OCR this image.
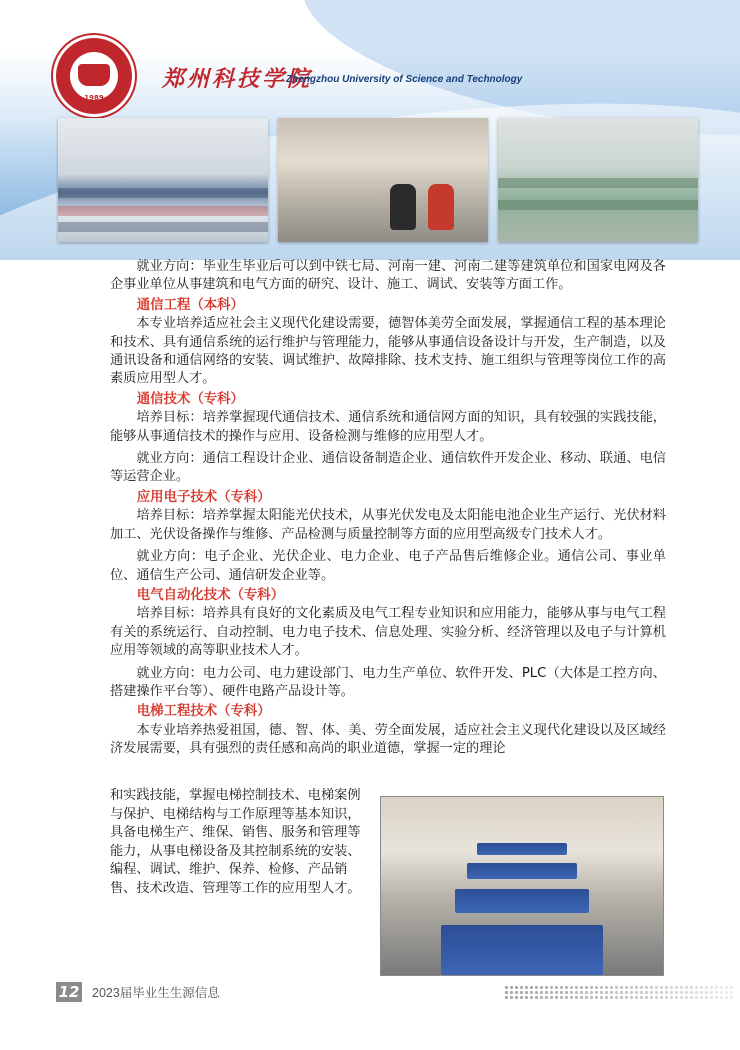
1989
郑州科技学院
Zhengzhou University of Science and Technology

就业方向：毕业生毕业后可以到中铁七局、河南一建、河南二建等建筑单位和国家电网及各企事业单位从事建筑和电气方面的研究、设计、施工、调试、安装等方面工作。

通信工程（本科）

本专业培养适应社会主义现代化建设需要，德智体美劳全面发展，掌握通信工程的基本理论和技术、具有通信系统的运行维护与管理能力，能够从事通信设备设计与开发，生产制造，以及通讯设备和通信网络的安装、调试维护、故障排除、技术支持、施工组织与管理等岗位工作的高素质应用型人才。

通信技术（专科）

培养目标：培养掌握现代通信技术、通信系统和通信网方面的知识，具有较强的实践技能，能够从事通信技术的操作与应用、设备检测与维修的应用型人才。

就业方向：通信工程设计企业、通信设备制造企业、通信软件开发企业、移动、联通、电信等运营企业。

应用电子技术（专科）

培养目标：培养掌握太阳能光伏技术，从事光伏发电及太阳能电池企业生产运行、光伏材料加工、光伏设备操作与维修、产品检测与质量控制等方面的应用型高级专门技术人才。

就业方向：电子企业、光伏企业、电力企业、电子产品售后维修企业。通信公司、事业单位、通信生产公司、通信研发企业等。

电气自动化技术（专科）

培养目标：培养具有良好的文化素质及电气工程专业知识和应用能力，能够从事与电气工程有关的系统运行、自动控制、电力电子技术、信息处理、实验分析、经济管理以及电子与计算机应用等领域的高等职业技术人才。

就业方向：电力公司、电力建设部门、电力生产单位、软件开发、PLC（大体是工控方向、搭建操作平台等）、硬件电路产品设计等。

电梯工程技术（专科）

本专业培养热爱祖国，德、智、体、美、劳全面发展，适应社会主义现代化建设以及区域经济发展需要，具有强烈的责任感和高尚的职业道德，掌握一定的理论

和实践技能，掌握电梯控制技术、电梯案例与保护、电梯结构与工作原理等基本知识，具备电梯生产、维保、销售、服务和管理等能力，从事电梯设备及其控制系统的安装、编程、调试、维护、保养、检修、产品销售、技术改造、管理等工作的应用型人才。

12 2023届毕业生生源信息
